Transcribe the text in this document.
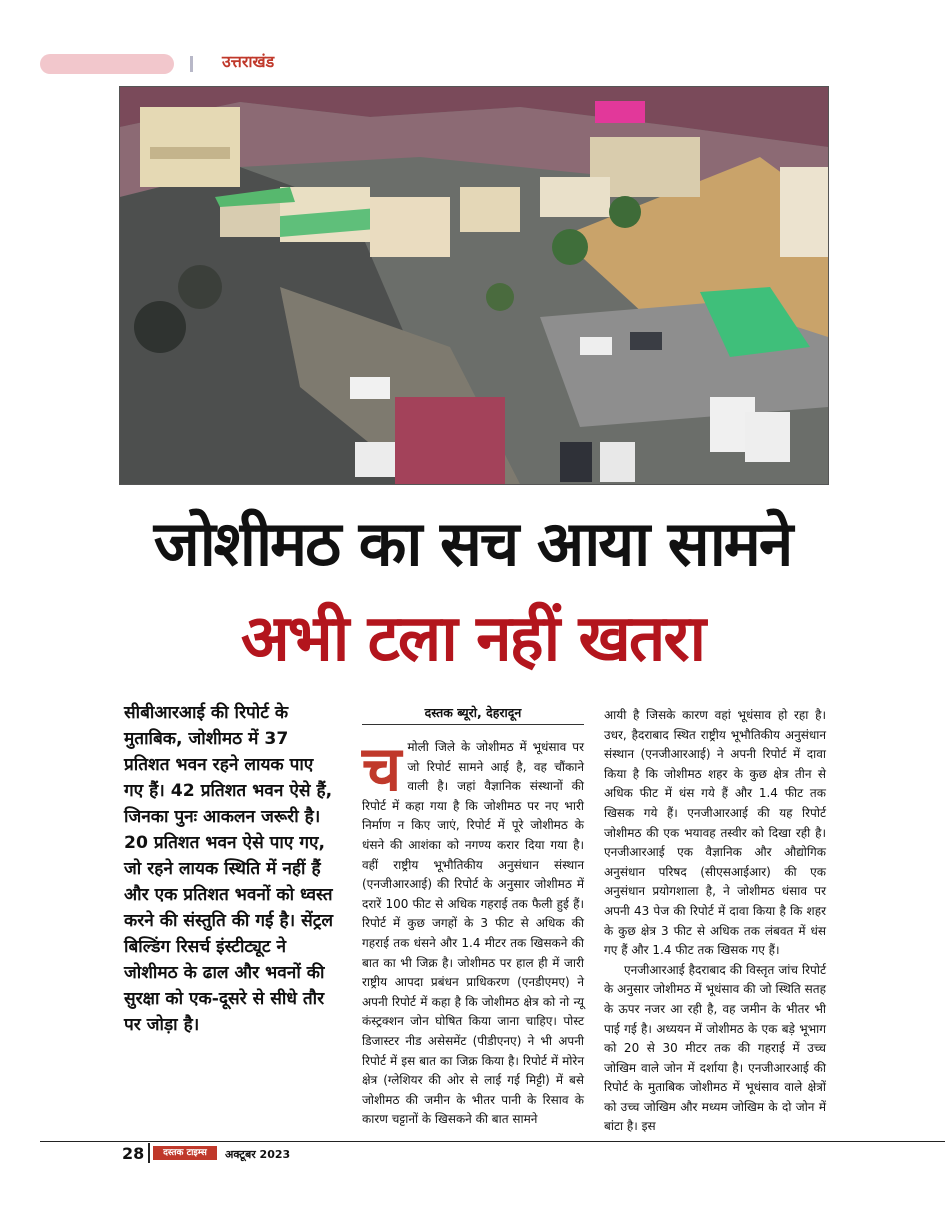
उत्तराखंड
जोशीमठ का सच आया सामने
अभी टला नहीं खतरा
सीबीआरआई की रिपोर्ट के मुताबिक, जोशीमठ में 37 प्रतिशत भवन रहने लायक पाए गए हैं। 42 प्रतिशत भवन ऐसे हैं, जिनका पुनः आकलन जरूरी है। 20 प्रतिशत भवन ऐसे पाए गए, जो रहने लायक स्थिति में नहीं हैं और एक प्रतिशत भवनों को ध्वस्त करने की संस्तुति की गई है। सेंट्रल बिल्डिंग रिसर्च इंस्टीट्यूट ने जोशीमठ के ढाल और भवनों की सुरक्षा को एक-दूसरे से सीधे तौर पर जोड़ा है।
दस्तक ब्यूरो, देहरादून
च मोली जिले के जोशीमठ में भूधंसाव पर जो रिपोर्ट सामने आई है, वह चौंकाने वाली है। जहां वैज्ञानिक संस्थानों की रिपोर्ट में कहा गया है कि जोशीमठ पर नए भारी निर्माण न किए जाएं, रिपोर्ट में पूरे जोशीमठ के धंसने की आशंका को नगण्य करार दिया गया है। वहीं राष्ट्रीय भूभौतिकीय अनुसंधान संस्थान (एनजीआरआई) की रिपोर्ट के अनुसार जोशीमठ में दरारें 100 फीट से अधिक गहराई तक फैली हुई हैं। रिपोर्ट में कुछ जगहों के 3 फीट से अधिक की गहराई तक धंसने और 1.4 मीटर तक खिसकने की बात का भी जिक्र है। जोशीमठ पर हाल ही में जारी राष्ट्रीय आपदा प्रबंधन प्राधिकरण (एनडीएमए) ने अपनी रिपोर्ट में कहा है कि जोशीमठ क्षेत्र को नो न्यू कंस्ट्रक्शन जोन घोषित किया जाना चाहिए। पोस्ट डिजास्टर नीड असेसमेंट (पीडीएनए) ने भी अपनी रिपोर्ट में इस बात का जिक्र किया है। रिपोर्ट में मोरेन क्षेत्र (ग्लेशियर की ओर से लाई गई मिट्टी) में बसे जोशीमठ की जमीन के भीतर पानी के रिसाव के कारण चट्टानों के खिसकने की बात सामने
आयी है जिसके कारण वहां भूधंसाव हो रहा है। उधर, हैदराबाद स्थित राष्ट्रीय भूभौतिकीय अनुसंधान संस्थान (एनजीआरआई) ने अपनी रिपोर्ट में दावा किया है कि जोशीमठ शहर के कुछ क्षेत्र तीन से अधिक फीट में धंस गये हैं और 1.4 फीट तक खिसक गये हैं। एनजीआरआई की यह रिपोर्ट जोशीमठ की एक भयावह तस्वीर को दिखा रही है। एनजीआरआई एक वैज्ञानिक और औद्योगिक अनुसंधान परिषद (सीएसआईआर) की एक अनुसंधान प्रयोगशाला है, ने जोशीमठ धंसाव पर अपनी 43 पेज की रिपोर्ट में दावा किया है कि शहर के कुछ क्षेत्र 3 फीट से अधिक तक लंबवत में धंस गए हैं और 1.4 फीट तक खिसक गए हैं।
एनजीआरआई हैदराबाद की विस्तृत जांच रिपोर्ट के अनुसार जोशीमठ में भूधंसाव की जो स्थिति सतह के ऊपर नजर आ रही है, वह जमीन के भीतर भी पाई गई है। अध्ययन में जोशीमठ के एक बड़े भूभाग को 20 से 30 मीटर तक की गहराई में उच्च जोखिम वाले जोन में दर्शाया है। एनजीआरआई की रिपोर्ट के मुताबिक जोशीमठ में भूधंसाव वाले क्षेत्रों को उच्च जोखिम और मध्यम जोखिम के दो जोन में बांटा है। इस
28	दस्तक टाइम्स	अक्टूबर 2023
